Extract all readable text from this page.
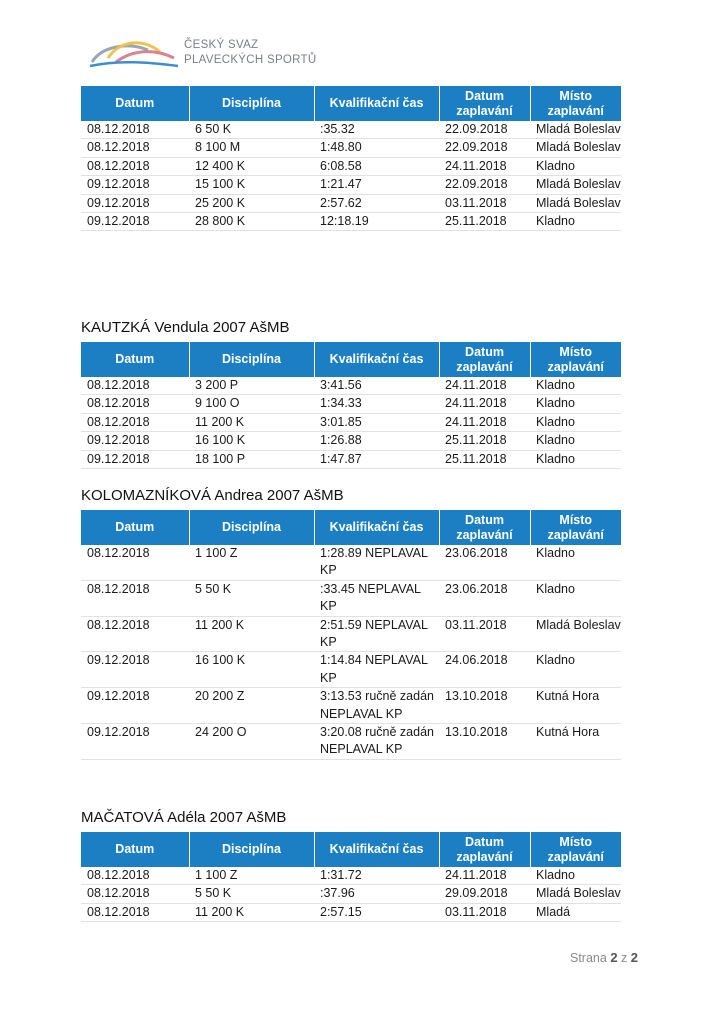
ČESKÝ SVAZ
PLAVECKÝCH SPORTŮ
Datum	Disciplína	Kvalifikační čas	Datum zaplavání	Místo zaplavání
08.12.2018	6 50 K	:35.32	22.09.2018	Mladá Boleslav
08.12.2018	8 100 M	1:48.80	22.09.2018	Mladá Boleslav
08.12.2018	12 400 K	6:08.58	24.11.2018	Kladno
09.12.2018	15 100 K	1:21.47	22.09.2018	Mladá Boleslav
09.12.2018	25 200 K	2:57.62	03.11.2018	Mladá Boleslav
09.12.2018	28 800 K	12:18.19	25.11.2018	Kladno
KAUTZKÁ Vendula 2007 AšMB
Datum	Disciplína	Kvalifikační čas	Datum zaplavání	Místo zaplavání
08.12.2018	3 200 P	3:41.56	24.11.2018	Kladno
08.12.2018	9 100 O	1:34.33	24.11.2018	Kladno
08.12.2018	11 200 K	3:01.85	24.11.2018	Kladno
09.12.2018	16 100 K	1:26.88	25.11.2018	Kladno
09.12.2018	18 100 P	1:47.87	25.11.2018	Kladno
KOLOMAZNÍKOVÁ Andrea 2007 AšMB
Datum	Disciplína	Kvalifikační čas	Datum zaplavání	Místo zaplavání
08.12.2018	1 100 Z	1:28.89 NEPLAVAL KP	23.06.2018	Kladno
08.12.2018	5 50 K	:33.45 NEPLAVAL KP	23.06.2018	Kladno
08.12.2018	11 200 K	2:51.59 NEPLAVAL KP	03.11.2018	Mladá Boleslav
09.12.2018	16 100 K	1:14.84 NEPLAVAL KP	24.06.2018	Kladno
09.12.2018	20 200 Z	3:13.53 ručně zadán NEPLAVAL KP	13.10.2018	Kutná Hora
09.12.2018	24 200 O	3:20.08 ručně zadán NEPLAVAL KP	13.10.2018	Kutná Hora
MAČATOVÁ Adéla 2007 AšMB
Datum	Disciplína	Kvalifikační čas	Datum zaplavání	Místo zaplavání
08.12.2018	1 100 Z	1:31.72	24.11.2018	Kladno
08.12.2018	5 50 K	:37.96	29.09.2018	Mladá Boleslav
08.12.2018	11 200 K	2:57.15	03.11.2018	Mladá
Strana 2 z 2
